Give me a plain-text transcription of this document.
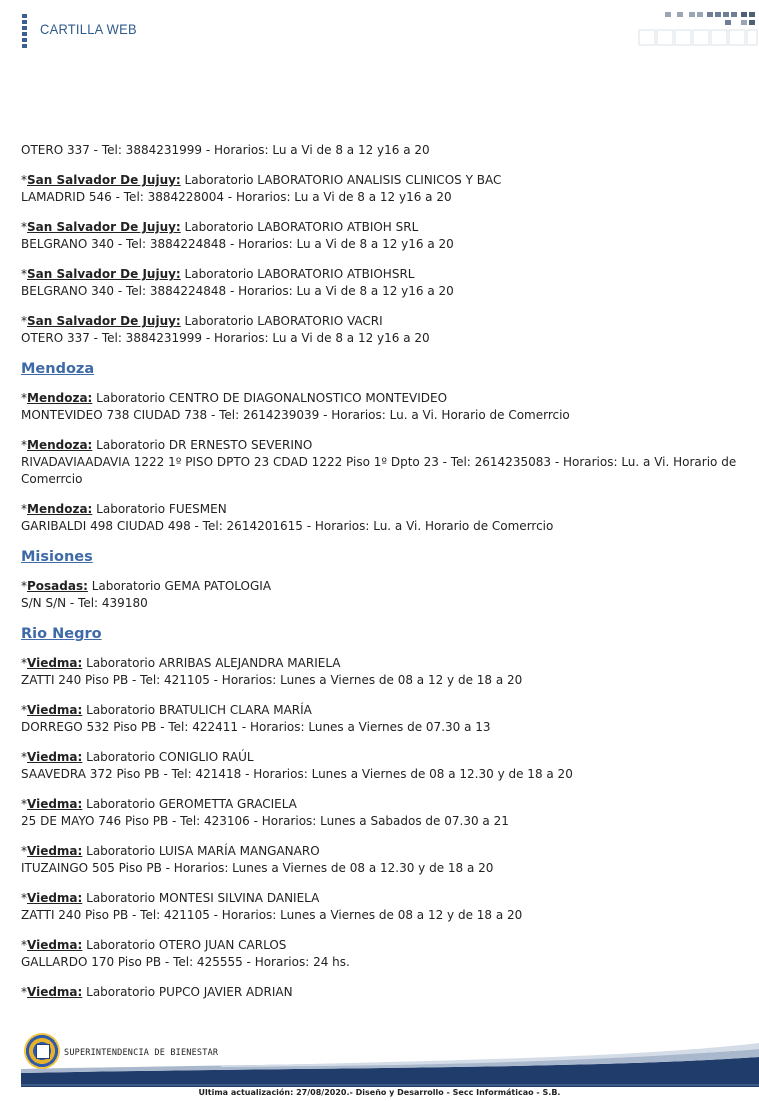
CARTILLA WEB

OTERO 337 - Tel: 3884231999 - Horarios: Lu a Vi de 8 a 12 y16 a 20

*San Salvador De Jujuy: Laboratorio LABORATORIO ANALISIS CLINICOS Y BAC

LAMADRID 546 - Tel: 3884228004 - Horarios: Lu a Vi de 8 a 12 y16 a 20

*San Salvador De Jujuy: Laboratorio LABORATORIO ATBIOH SRL

BELGRANO 340 - Tel: 3884224848 - Horarios: Lu a Vi de 8 a 12 y16 a 20

*San Salvador De Jujuy: Laboratorio LABORATORIO ATBIOHSRL

BELGRANO 340 - Tel: 3884224848 - Horarios: Lu a Vi de 8 a 12 y16 a 20

*San Salvador De Jujuy: Laboratorio LABORATORIO VACRI

OTERO 337 - Tel: 3884231999 - Horarios: Lu a Vi de 8 a 12 y16 a 20

Mendoza

*Mendoza: Laboratorio CENTRO DE DIAGONALNOSTICO MONTEVIDEO

MONTEVIDEO 738 CIUDAD 738 - Tel: 2614239039 - Horarios: Lu. a Vi. Horario de Comerrcio

*Mendoza: Laboratorio DR ERNESTO SEVERINO

RIVADAVIAADAVIA 1222 1º PISO DPTO 23 CDAD 1222 Piso 1º Dpto 23 - Tel: 2614235083 - Horarios: Lu. a Vi. Horario de Comerrcio

*Mendoza: Laboratorio FUESMEN

GARIBALDI 498 CIUDAD 498 - Tel: 2614201615 - Horarios: Lu. a Vi. Horario de Comerrcio

Misiones

*Posadas: Laboratorio GEMA PATOLOGIA

S/N S/N - Tel: 439180

Rio Negro

*Viedma: Laboratorio ARRIBAS ALEJANDRA MARIELA

ZATTI 240 Piso PB - Tel: 421105 - Horarios: Lunes a Viernes de 08 a 12 y de 18 a 20

*Viedma: Laboratorio BRATULICH CLARA MARÍA

DORREGO 532 Piso PB - Tel: 422411 - Horarios: Lunes a Viernes de 07.30 a 13

*Viedma: Laboratorio CONIGLIO RAÚL

SAAVEDRA 372 Piso PB - Tel: 421418 - Horarios: Lunes a Viernes de 08 a 12.30 y de 18 a 20

*Viedma: Laboratorio GEROMETTA GRACIELA

25 DE MAYO 746 Piso PB - Tel: 423106 - Horarios: Lunes a Sabados de 07.30 a 21

*Viedma: Laboratorio LUISA MARÍA MANGANARO

ITUZAINGO 505 Piso PB - Horarios: Lunes a Viernes de 08 a 12.30 y de 18 a 20

*Viedma: Laboratorio MONTESI SILVINA DANIELA

ZATTI 240 Piso PB - Tel: 421105 - Horarios: Lunes a Viernes de 08 a 12 y de 18 a 20

*Viedma: Laboratorio OTERO JUAN CARLOS

GALLARDO 170 Piso PB - Tel: 425555 - Horarios: 24 hs.

*Viedma: Laboratorio PUPCO JAVIER ADRIAN

SUPERINTENDENCIA DE BIENESTAR
Ultima actualización: 27/08/2020.- Diseño y Desarrollo - Secc Informáticao - S.B.
